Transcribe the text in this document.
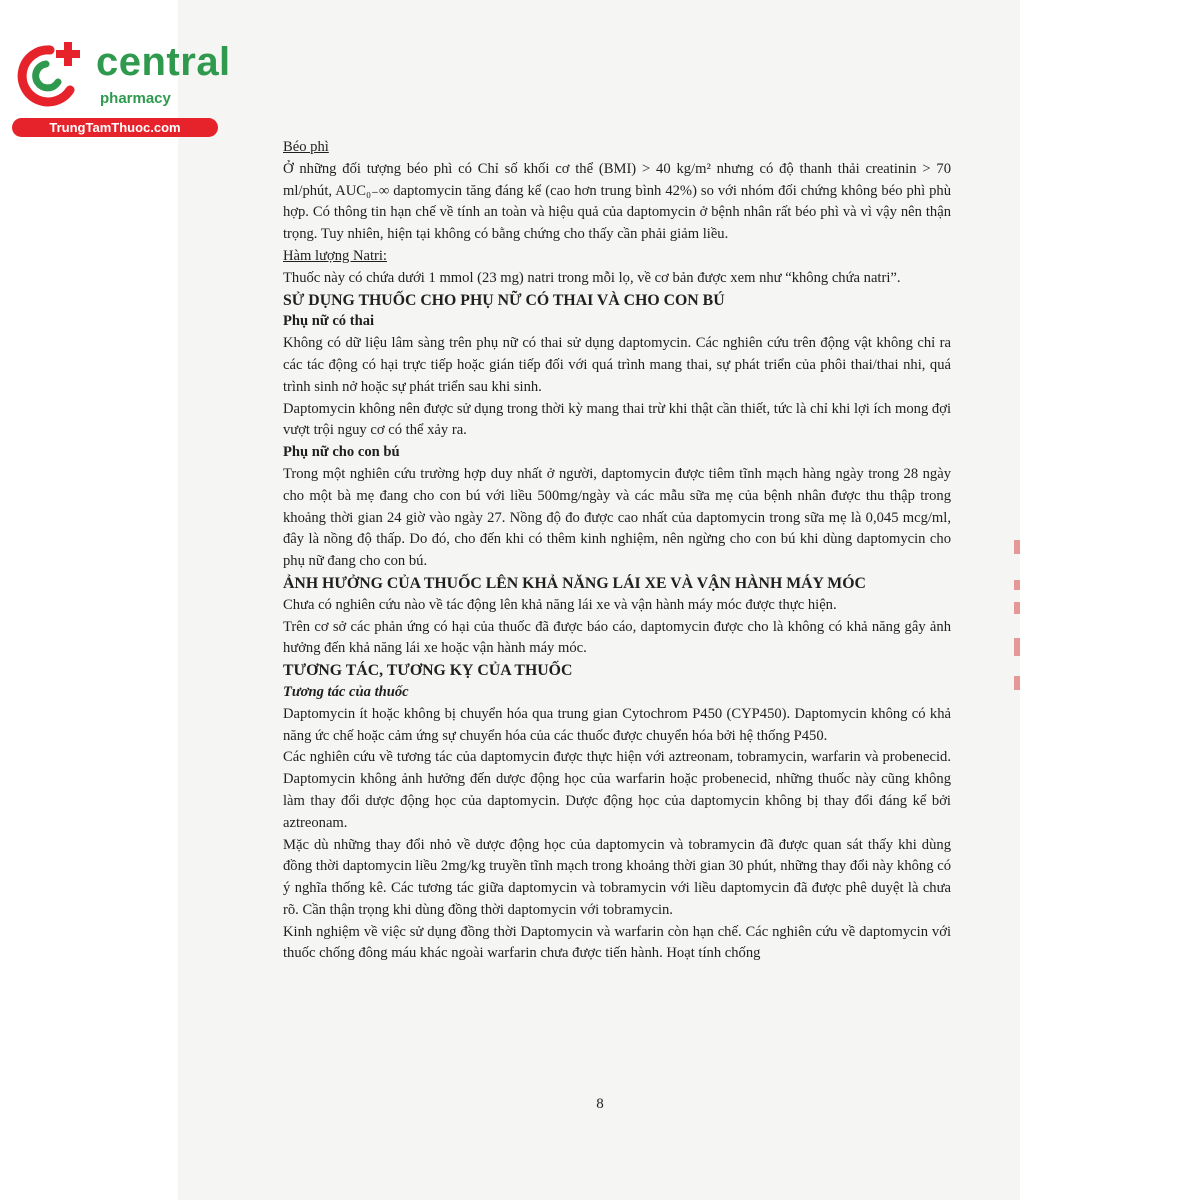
central
pharmacy
TrungTamThuoc.com

Béo phì

Ở những đối tượng béo phì có Chỉ số khối cơ thể (BMI) > 40 kg/m² nhưng có độ thanh thải creatinin > 70 ml/phút, AUC₀₋∞ daptomycin tăng đáng kể (cao hơn trung bình 42%) so với nhóm đối chứng không béo phì phù hợp. Có thông tin hạn chế về tính an toàn và hiệu quả của daptomycin ở bệnh nhân rất béo phì và vì vậy nên thận trọng. Tuy nhiên, hiện tại không có bằng chứng cho thấy cần phải giảm liều.

Hàm lượng Natri:

Thuốc này có chứa dưới 1 mmol (23 mg) natri trong mỗi lọ, về cơ bản được xem như “không chứa natri”.

SỬ DỤNG THUỐC CHO PHỤ NỮ CÓ THAI VÀ CHO CON BÚ

Phụ nữ có thai

Không có dữ liệu lâm sàng trên phụ nữ có thai sử dụng daptomycin. Các nghiên cứu trên động vật không chỉ ra các tác động có hại trực tiếp hoặc gián tiếp đối với quá trình mang thai, sự phát triển của phôi thai/thai nhi, quá trình sinh nở hoặc sự phát triển sau khi sinh.

Daptomycin không nên được sử dụng trong thời kỳ mang thai trừ khi thật cần thiết, tức là chỉ khi lợi ích mong đợi vượt trội nguy cơ có thể xảy ra.

Phụ nữ cho con bú

Trong một nghiên cứu trường hợp duy nhất ở người, daptomycin được tiêm tĩnh mạch hàng ngày trong 28 ngày cho một bà mẹ đang cho con bú với liều 500mg/ngày và các mẫu sữa mẹ của bệnh nhân được thu thập trong khoảng thời gian 24 giờ vào ngày 27. Nồng độ đo được cao nhất của daptomycin trong sữa mẹ là 0,045 mcg/ml, đây là nồng độ thấp. Do đó, cho đến khi có thêm kinh nghiệm, nên ngừng cho con bú khi dùng daptomycin cho phụ nữ đang cho con bú.

ẢNH HƯỞNG CỦA THUỐC LÊN KHẢ NĂNG LÁI XE VÀ VẬN HÀNH MÁY MÓC

Chưa có nghiên cứu nào về tác động lên khả năng lái xe và vận hành máy móc được thực hiện.

Trên cơ sở các phản ứng có hại của thuốc đã được báo cáo, daptomycin được cho là không có khả năng gây ảnh hưởng đến khả năng lái xe hoặc vận hành máy móc.

TƯƠNG TÁC, TƯƠNG KỴ CỦA THUỐC

Tương tác của thuốc

Daptomycin ít hoặc không bị chuyển hóa qua trung gian Cytochrom P450 (CYP450). Daptomycin không có khả năng ức chế hoặc cảm ứng sự chuyển hóa của các thuốc được chuyển hóa bởi hệ thống P450.

Các nghiên cứu về tương tác của daptomycin được thực hiện với aztreonam, tobramycin, warfarin và probenecid. Daptomycin không ảnh hưởng đến dược động học của warfarin hoặc probenecid, những thuốc này cũng không làm thay đổi dược động học của daptomycin. Dược động học của daptomycin không bị thay đổi đáng kể bởi aztreonam.

Mặc dù những thay đổi nhỏ về dược động học của daptomycin và tobramycin đã được quan sát thấy khi dùng đồng thời daptomycin liều 2mg/kg truyền tĩnh mạch trong khoảng thời gian 30 phút, những thay đổi này không có ý nghĩa thống kê. Các tương tác giữa daptomycin và tobramycin với liều daptomycin đã được phê duyệt là chưa rõ. Cần thận trọng khi dùng đồng thời daptomycin với tobramycin.

Kinh nghiệm về việc sử dụng đồng thời Daptomycin và warfarin còn hạn chế. Các nghiên cứu về daptomycin với thuốc chống đông máu khác ngoài warfarin chưa được tiến hành. Hoạt tính chống

8
